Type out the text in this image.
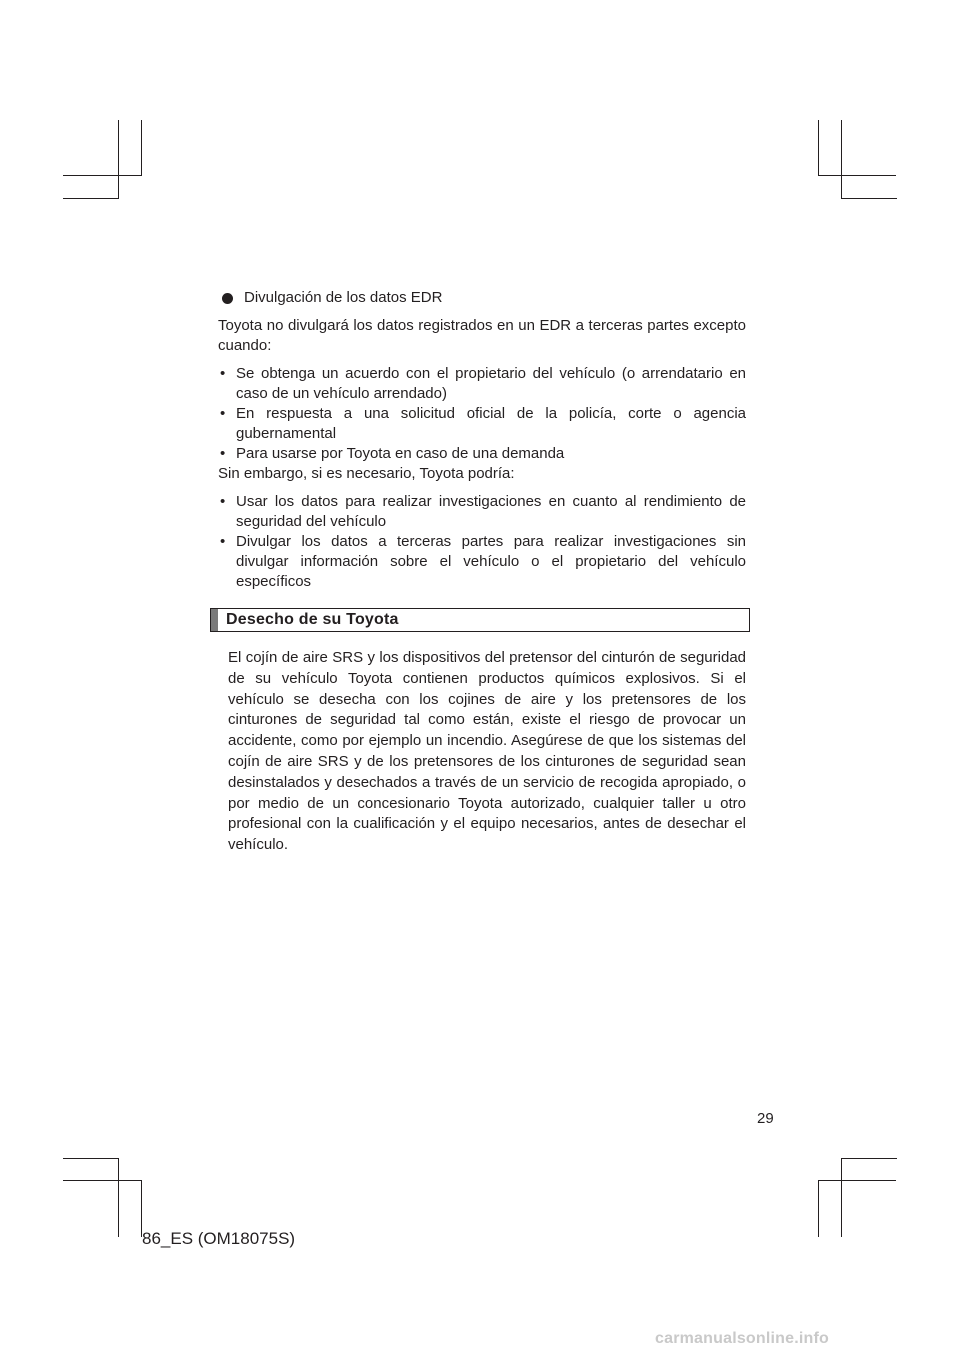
Divulgación de los datos EDR

Toyota no divulgará los datos registrados en un EDR a terceras partes excepto cuando:

• Se obtenga un acuerdo con el propietario del vehículo (o arrendatario en caso de un vehículo arrendado)
• En respuesta a una solicitud oficial de la policía, corte o agencia gubernamental
• Para usarse por Toyota en caso de una demanda

Sin embargo, si es necesario, Toyota podría:

• Usar los datos para realizar investigaciones en cuanto al rendimiento de seguridad del vehículo
• Divulgar los datos a terceras partes para realizar investigaciones sin divulgar información sobre el vehículo o el propietario del vehículo específicos
Desecho de su Toyota

El cojín de aire SRS y los dispositivos del pretensor del cinturón de seguridad de su vehículo Toyota contienen productos químicos explosivos. Si el vehículo se desecha con los cojines de aire y los pretensores de los cinturones de seguridad tal como están, existe el riesgo de provocar un accidente, como por ejemplo un incendio. Asegúrese de que los sistemas del cojín de aire SRS y de los pretensores de los cinturones de seguridad sean desinstalados y desechados a través de un servicio de recogida apropiado, o por medio de un concesionario Toyota autorizado, cualquier taller u otro profesional con la cualificación y el equipo necesarios, antes de desechar el vehículo.

29
86_ES (OM18075S)
carmanualsonline.info
